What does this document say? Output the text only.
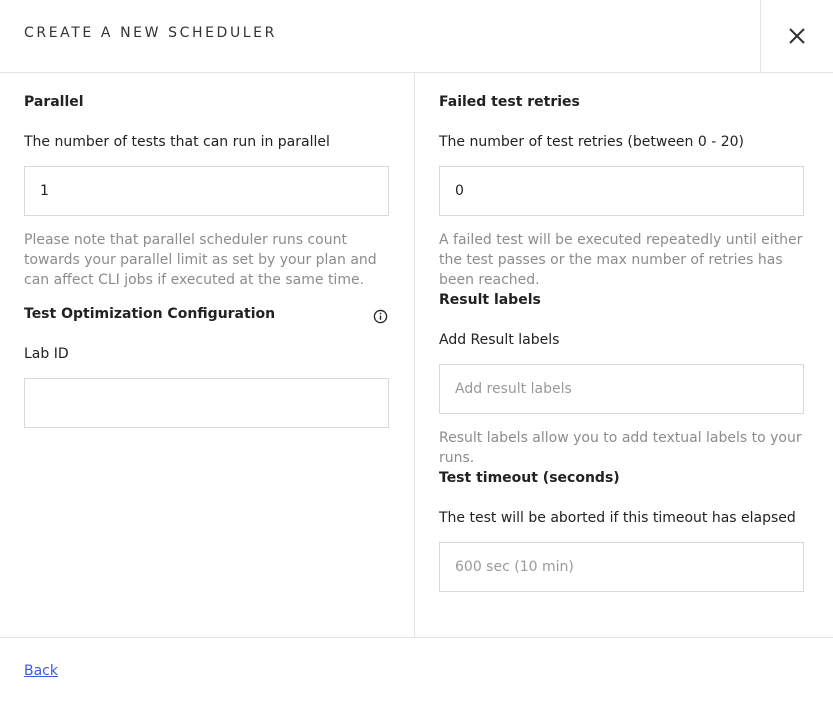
CREATE A NEW SCHEDULER
Parallel
The number of tests that can run in parallel
1
Please note that parallel scheduler runs count towards your parallel limit as set by your plan and can affect CLI jobs if executed at the same time.
Test Optimization Configuration
Lab ID
Failed test retries
The number of test retries (between 0 - 20)
0
A failed test will be executed repeatedly until either the test passes or the max number of retries has been reached.
Result labels
Add Result labels
Add result labels
Result labels allow you to add textual labels to your runs.
Test timeout (seconds)
The test will be aborted if this timeout has elapsed
600 sec (10 min)
Back
